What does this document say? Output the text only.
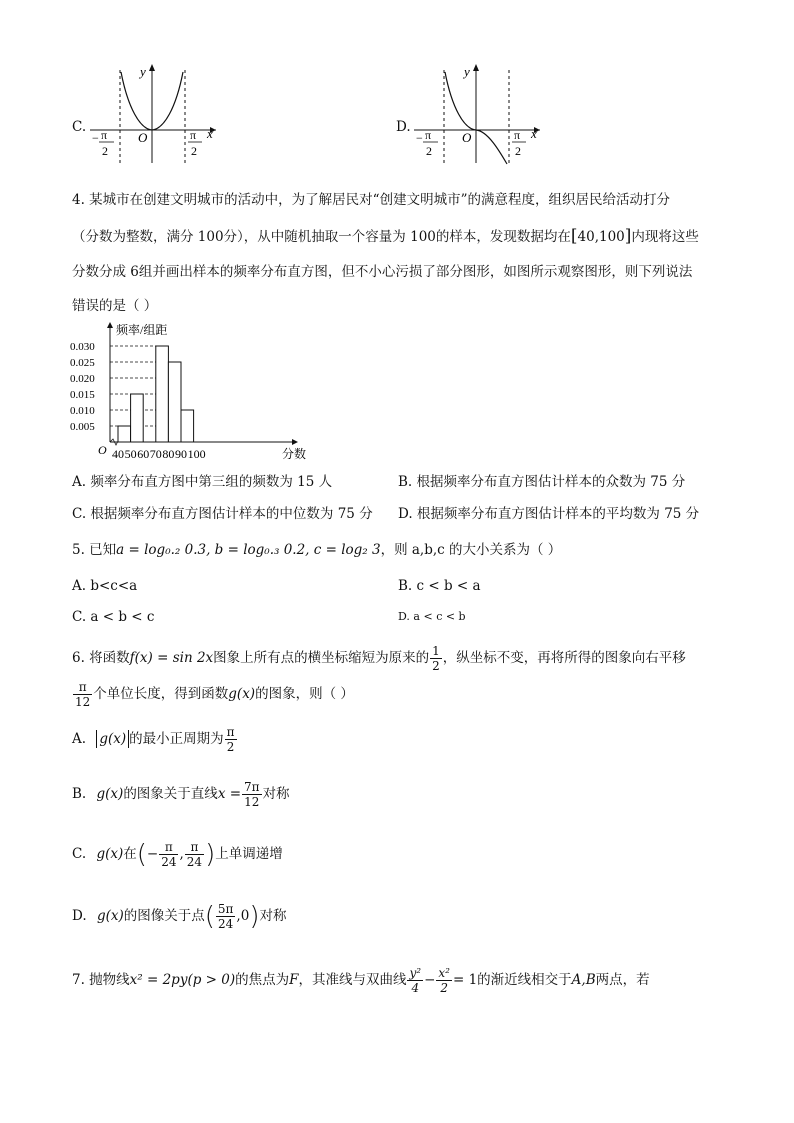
C.
y
x
O
− π
2
π
2
D.
y
x
O
− π
2
π
2
4. 某城市在创建文明城市的活动中，为了解居民对“创建文明城市”的满意程度，组织居民给活动打分
（分数为整数，满分 100分），从中随机抽取一个容量为 100的样本，发现数据均在[40,100]内现将这些
分数分成 6组并画出样本的频率分布直方图，但不小心污损了部分图形，如图所示观察图形，则下列说法
错误的是（ ）
频率/组距
分数
O
0.005
0.010
0.015
0.020
0.025
0.030
40 50 60 70 80 90 100
A. 频率分布直方图中第三组的频数为 15 人	B. 根据频率分布直方图估计样本的众数为 75 分
C. 根据频率分布直方图估计样本的中位数为 75 分 D. 根据频率分布直方图估计样本的平均数为 75 分
5. 已知a = log₀.₂ 0.3, b = log₀.₃ 0.2, c = log₂ 3，则 a,b,c 的大小关系为（ ）
A. b<c<a	B. c < b < a
C. a < b < c	D. a < c < b
6. 将函数f(x) = sin 2x图象上所有点的横坐标缩短为原来的 $\frac{1}{2}$ ，纵坐标不变，再将所得的图象向右平移
$\frac{\pi}{12}$ 个单位长度，得到函数g(x)的图象，则（ ）
A. g(x) 的最小正周期为 $\frac{\pi}{2}$
B. g(x)的图象关于直线$x = \frac{7\pi}{12}$ 对称
C. g(x)在(− $\frac{\pi}{24}$ , $\frac{\pi}{24}$ )上单调递增
D. g(x)的图像关于点( $\frac{5\pi}{24} ,0$)对称
7. 抛物线x² = 2py(p > 0)的焦点为F，其准线与双曲线 $\frac{\text{y²}}{4} - \frac{\text{x²}}{2} = 1$的渐近线相交于A,B两点，若
